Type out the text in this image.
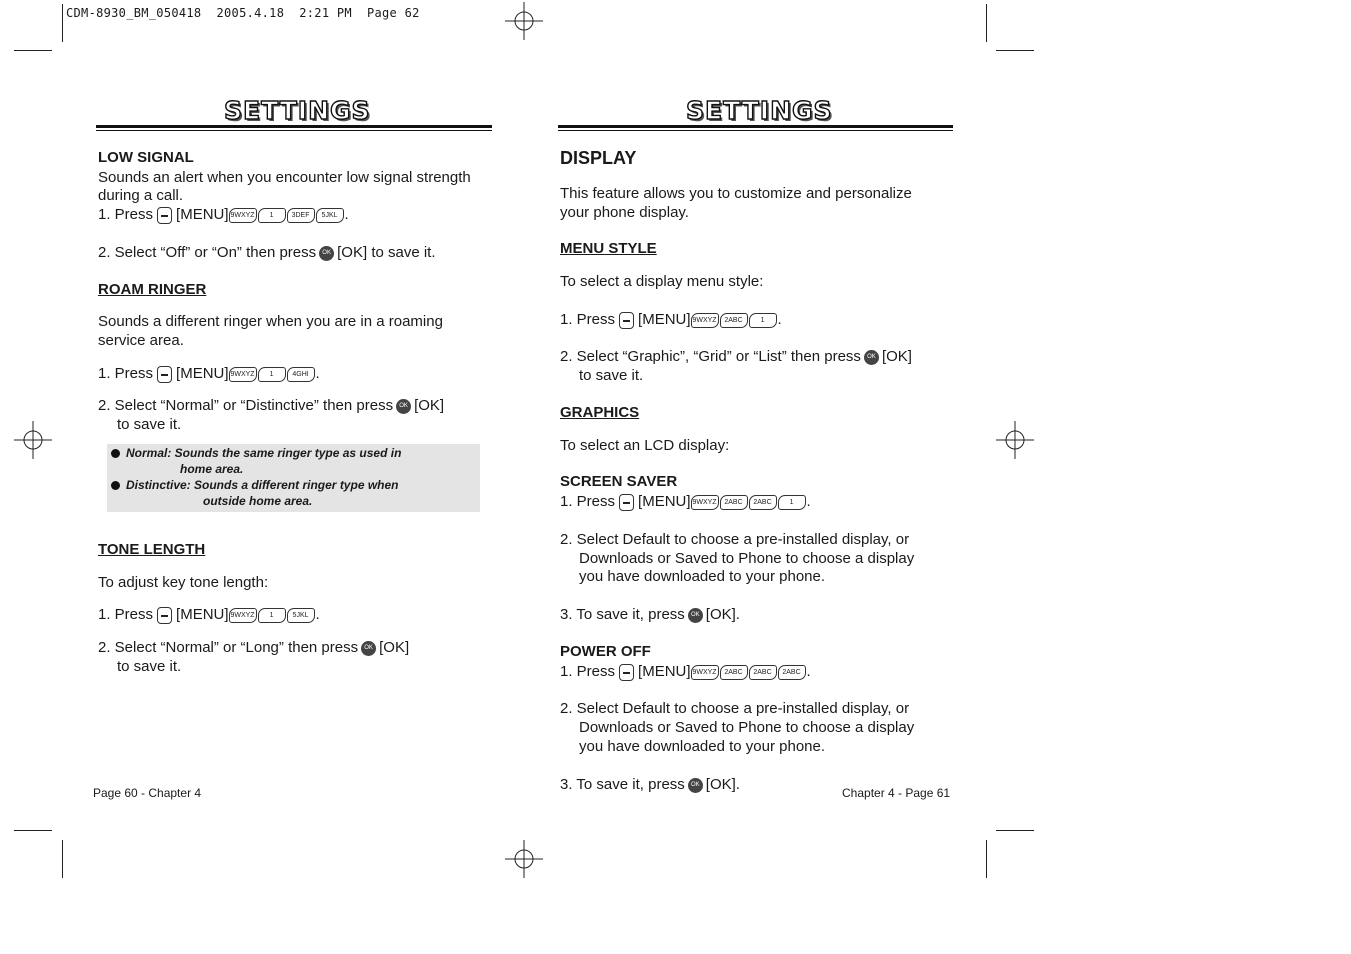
CDM-8930_BM_050418  2005.4.18  2:21 PM  Page 62
SETTINGS
LOW SIGNAL
Sounds an alert when you encounter low signal strength
during a call.
1. Press [MENU] 9WXYZ 1	3DEF 5JKL .
2. Select “Off” or “On” then press OK [OK] to save it.
ROAM RINGER
Sounds a different ringer when you are in a roaming
service area.
1. Press [MENU] 9WXYZ 1	4GHI .
2. Select “Normal” or “Distinctive” then press OK [OK]
to save it.
Normal: Sounds the same ringer type as used in
home area.
Distinctive: Sounds a different ringer type when
outside home area.
TONE LENGTH
To adjust key tone length:
1. Press [MENU] 9WXYZ 1	5JKL .
2. Select “Normal” or “Long” then press OK [OK]
to save it.
Page 60 - Chapter 4
SETTINGS
DISPLAY
This feature allows you to customize and personalize
your phone display.
MENU STYLE
To select a display menu style:
1. Press [MENU] 9WXYZ 2ABC	1 .
2. Select “Graphic”, “Grid” or “List” then press OK [OK]
to save it.
GRAPHICS
To select an LCD display:
SCREEN SAVER
1. Press [MENU] 9WXYZ 2ABC 2ABC	1 .
2. Select Default to choose a pre-installed display, or
Downloads or Saved to Phone to choose a display
you have downloaded to your phone.
3. To save it, press OK [OK].
POWER OFF
1. Press [MENU] 9WXYZ 2ABC 2ABC 2ABC .
2. Select Default to choose a pre-installed display, or
Downloads or Saved to Phone to choose a display
you have downloaded to your phone.
3. To save it, press OK [OK].	Chapter 4 - Page 61
